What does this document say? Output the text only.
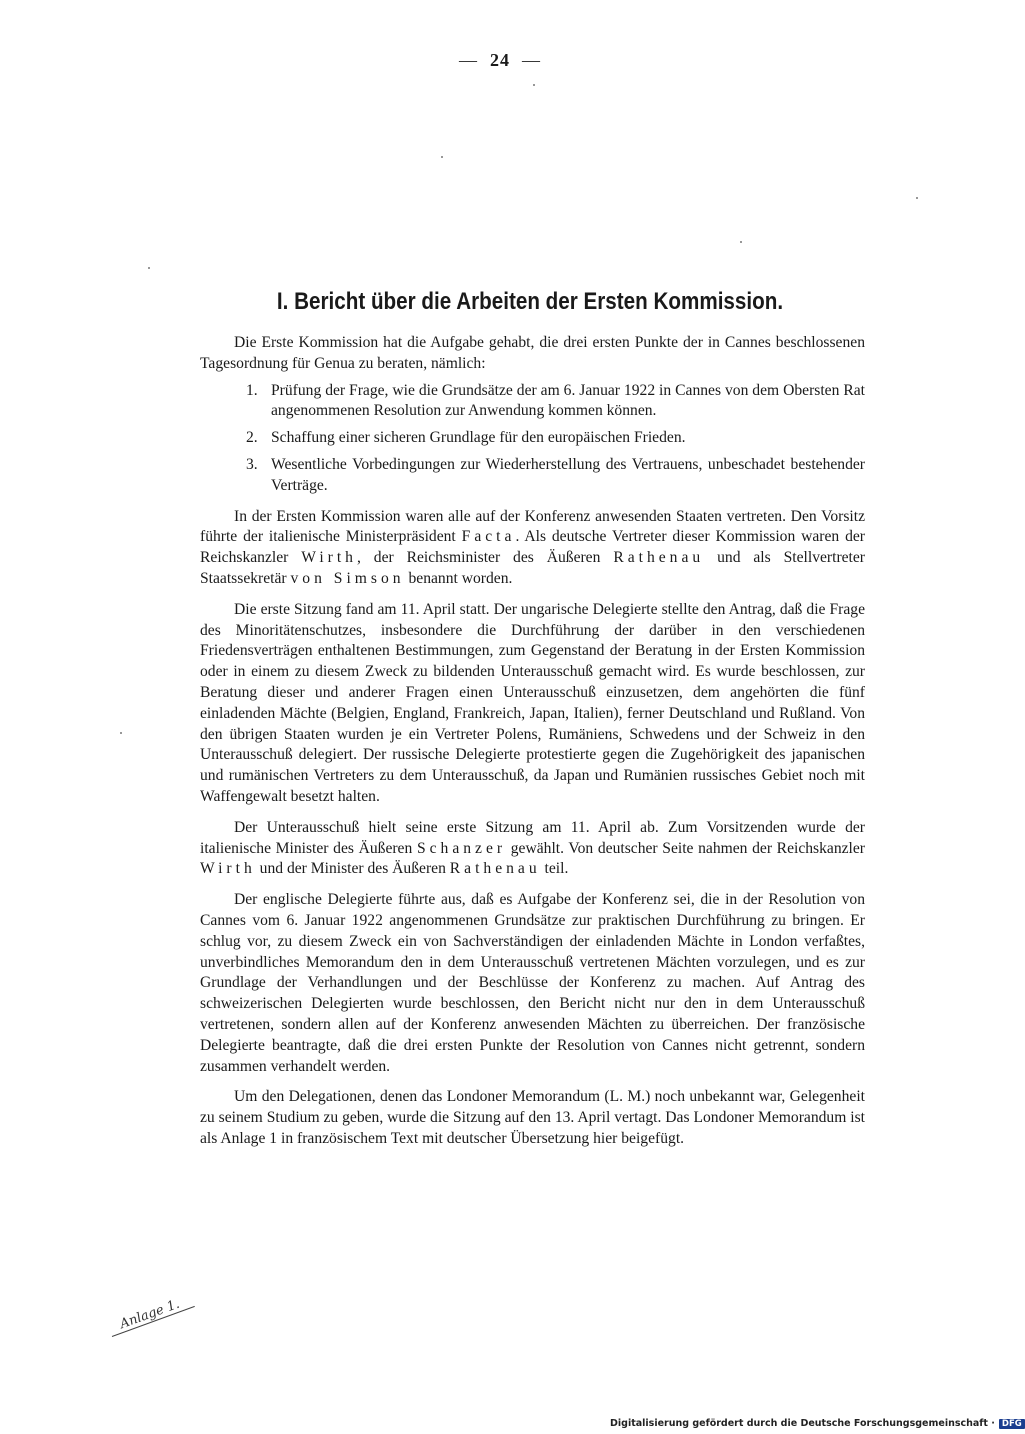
— 24 —
I. Bericht über die Arbeiten der Ersten Kommission.

Die Erste Kommission hat die Aufgabe gehabt, die drei ersten Punkte der in Cannes beschlossenen Tagesordnung für Genua zu beraten, nämlich:

1. Prüfung der Frage, wie die Grundsätze der am 6. Januar 1922 in Cannes von dem Obersten Rat angenommenen Resolution zur Anwendung kommen können.
2. Schaffung einer sicheren Grundlage für den europäischen Frieden.
3. Wesentliche Vorbedingungen zur Wiederherstellung des Vertrauens, unbeschadet bestehender Verträge.

In der Ersten Kommission waren alle auf der Konferenz anwesenden Staaten vertreten. Den Vorsitz führte der italienische Ministerpräsident Facta. Als deutsche Vertreter dieser Kommission waren der Reichskanzler Wirth, der Reichsminister des Äußeren Rathenau und als Stellvertreter Staatssekretär von Simson benannt worden.

Die erste Sitzung fand am 11. April statt. Der ungarische Delegierte stellte den Antrag, daß die Frage des Minoritätenschutzes, insbesondere die Durchführung der darüber in den verschiedenen Friedensverträgen enthaltenen Bestimmungen, zum Gegenstand der Beratung in der Ersten Kommission oder in einem zu diesem Zweck zu bildenden Unterausschuß gemacht wird. Es wurde beschlossen, zur Beratung dieser und anderer Fragen einen Unterausschuß einzusetzen, dem angehörten die fünf einladenden Mächte (Belgien, England, Frankreich, Japan, Italien), ferner Deutschland und Rußland. Von den übrigen Staaten wurden je ein Vertreter Polens, Rumäniens, Schwedens und der Schweiz in den Unterausschuß delegiert. Der russische Delegierte protestierte gegen die Zugehörigkeit des japanischen und rumänischen Vertreters zu dem Unterausschuß, da Japan und Rumänien russisches Gebiet noch mit Waffengewalt besetzt halten.

Der Unterausschuß hielt seine erste Sitzung am 11. April ab. Zum Vorsitzenden wurde der italienische Minister des Äußeren Schanzer gewählt. Von deutscher Seite nahmen der Reichskanzler Wirth und der Minister des Äußeren Rathenau teil.

Der englische Delegierte führte aus, daß es Aufgabe der Konferenz sei, die in der Resolution von Cannes vom 6. Januar 1922 angenommenen Grundsätze zur praktischen Durchführung zu bringen. Er schlug vor, zu diesem Zweck ein von Sachverständigen der einladenden Mächte in London verfaßtes, unverbindliches Memorandum den in dem Unterausschuß vertretenen Mächten vorzulegen, und es zur Grundlage der Verhandlungen und der Beschlüsse der Konferenz zu machen. Auf Antrag des schweizerischen Delegierten wurde beschlossen, den Bericht nicht nur den in dem Unterausschuß vertretenen, sondern allen auf der Konferenz anwesenden Mächten zu überreichen. Der französische Delegierte beantragte, daß die drei ersten Punkte der Resolution von Cannes nicht getrennt, sondern zusammen verhandelt werden.

Um den Delegationen, denen das Londoner Memorandum (L. M.) noch unbekannt war, Gelegenheit zu seinem Studium zu geben, wurde die Sitzung auf den 13. April vertagt. Das Londoner Memorandum ist als Anlage 1 in französischem Text mit deutscher Übersetzung hier beigefügt.

Anlage 1.
Digitalisierung gefördert durch die Deutsche Forschungsgemeinschaft · DFG
